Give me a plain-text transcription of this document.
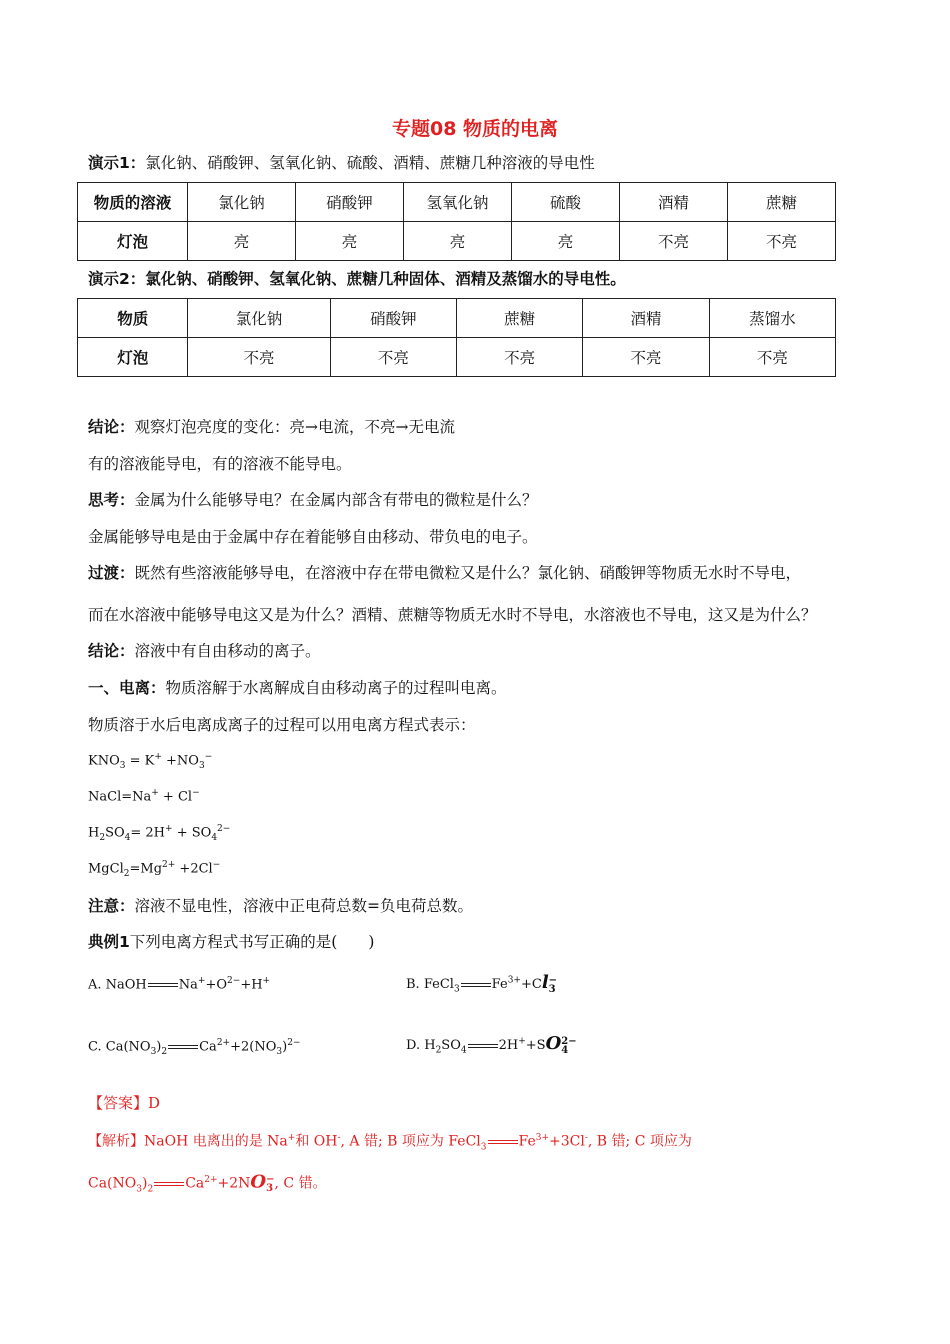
专题08 物质的电离
演示1：氯化钠、硝酸钾、氢氧化钠、硫酸、酒精、蔗糖几种溶液的导电性
物质的溶液	氯化钠	硝酸钾	氢氧化钠	硫酸	酒精	蔗糖
灯泡	亮	亮	亮	亮	不亮	不亮
演示2：氯化钠、硝酸钾、氢氧化钠、蔗糖几种固体、酒精及蒸馏水的导电性。
物质	氯化钠	硝酸钾	蔗糖	酒精	蒸馏水
灯泡	不亮	不亮	不亮	不亮	不亮
结论：观察灯泡亮度的变化：亮→电流，不亮→无电流
有的溶液能导电，有的溶液不能导电。
思考：金属为什么能够导电？在金属内部含有带电的微粒是什么？
金属能够导电是由于金属中存在着能够自由移动、带负电的电子。
过渡：既然有些溶液能够导电，在溶液中存在带电微粒又是什么？氯化钠、硝酸钾等物质无水时不导电，
而在水溶液中能够导电这又是为什么？酒精、蔗糖等物质无水时不导电，水溶液也不导电，这又是为什么？
结论：溶液中有自由移动的离子。
一、电离：物质溶解于水离解成自由移动离子的过程叫电离。
物质溶于水后电离成离子的过程可以用电离方程式表示：
$KNO_3 = K^+ +NO_3^-$
NaCl=Na+ + Cl−
$H_2SO_4= 2H^+ + SO_4^{2-}$
$MgCl_2=Mg^{2+} +2Cl^-$
注意：溶液不显电性，溶液中正电荷总数=负电荷总数。
典例1下列电离方程式书写正确的是(　　)
A. NaOH $Na^++O^{2-}+H^+$	B. FeCl$_3$ $Fe^{3+}+Cl$ −
3
C. $Ca(NO_3)_2$ $Ca^{2+}+2(NO_3)^{2-}$	D. $H_2SO_4$ 2H++SO 2−
4
【答案】D
【解析】NaOH 电离出的是 Na+和 OH-, A 错; B 项应为 FeCl$_3$ $Fe^{3+}+3Cl^-$, B 错; C 项应为
$Ca(NO_3)_2$ $Ca^{2+}+2NO$ −
3 , C 错。
